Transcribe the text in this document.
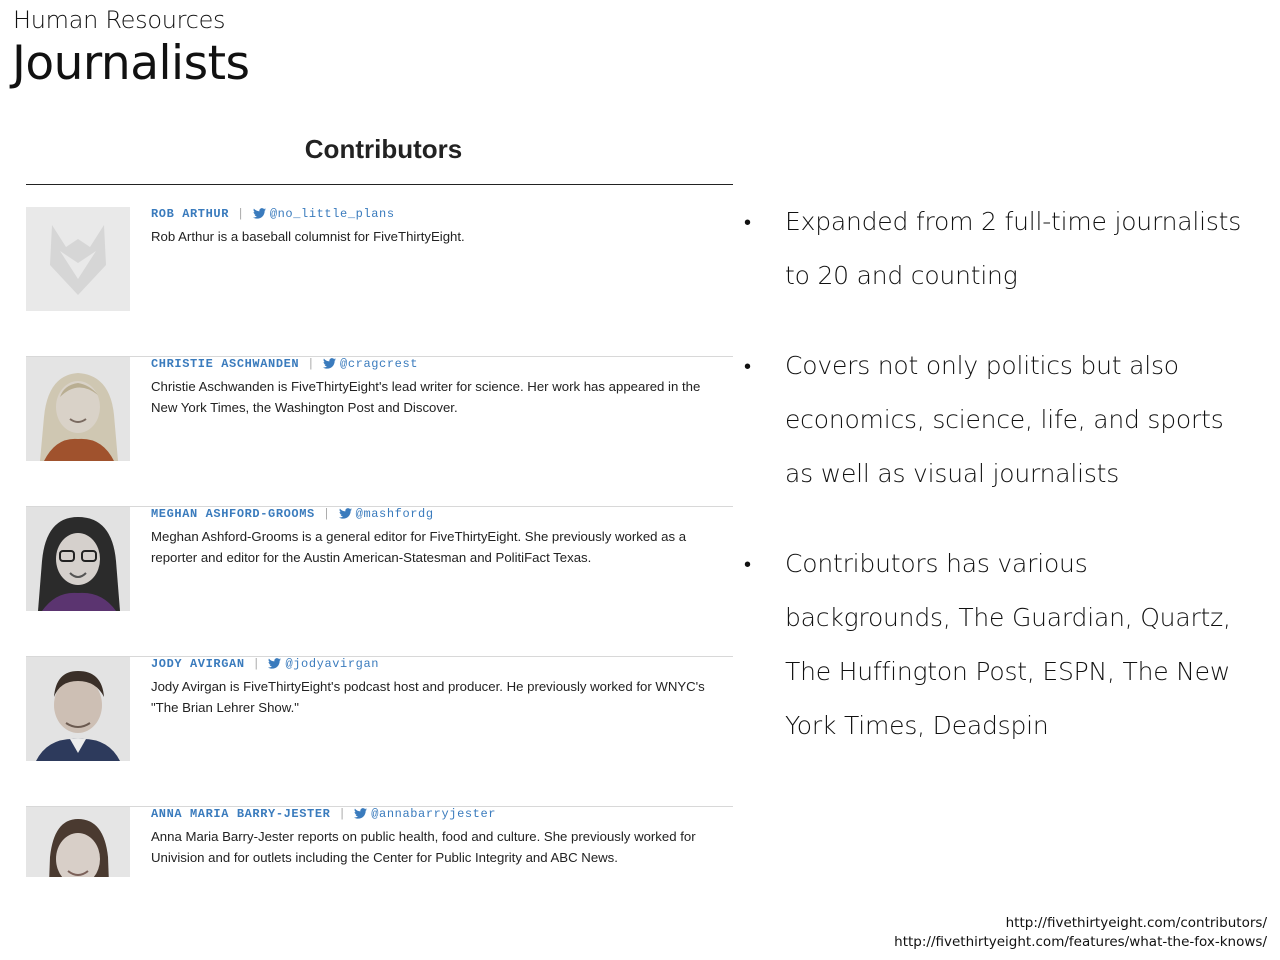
Human Resources
Journalists
Contributors
ROB ARTHUR | @no_little_plans
Rob Arthur is a baseball columnist for FiveThirtyEight.
CHRISTIE ASCHWANDEN | @cragcrest
Christie Aschwanden is FiveThirtyEight's lead writer for science. Her work has appeared in the New York Times, the Washington Post and Discover.
MEGHAN ASHFORD-GROOMS | @mashfordg
Meghan Ashford-Grooms is a general editor for FiveThirtyEight. She previously worked as a reporter and editor for the Austin American-Statesman and PolitiFact Texas.
JODY AVIRGAN | @jodyavirgan
Jody Avirgan is FiveThirtyEight's podcast host and producer. He previously worked for WNYC's "The Brian Lehrer Show."
ANNA MARIA BARRY-JESTER | @annabarryjester
Anna Maria Barry-Jester reports on public health, food and culture. She previously worked for Univision and for outlets including the Center for Public Integrity and ABC News.
•	Expanded from 2 full-time journalists to 20 and counting
•	Covers not only politics but also economics, science, life, and sports as well as visual journalists
•	Contributors has various backgrounds, The Guardian, Quartz, The Huffington Post, ESPN, The New York Times, Deadspin
http://fivethirtyeight.com/contributors/
http://fivethirtyeight.com/features/what-the-fox-knows/
